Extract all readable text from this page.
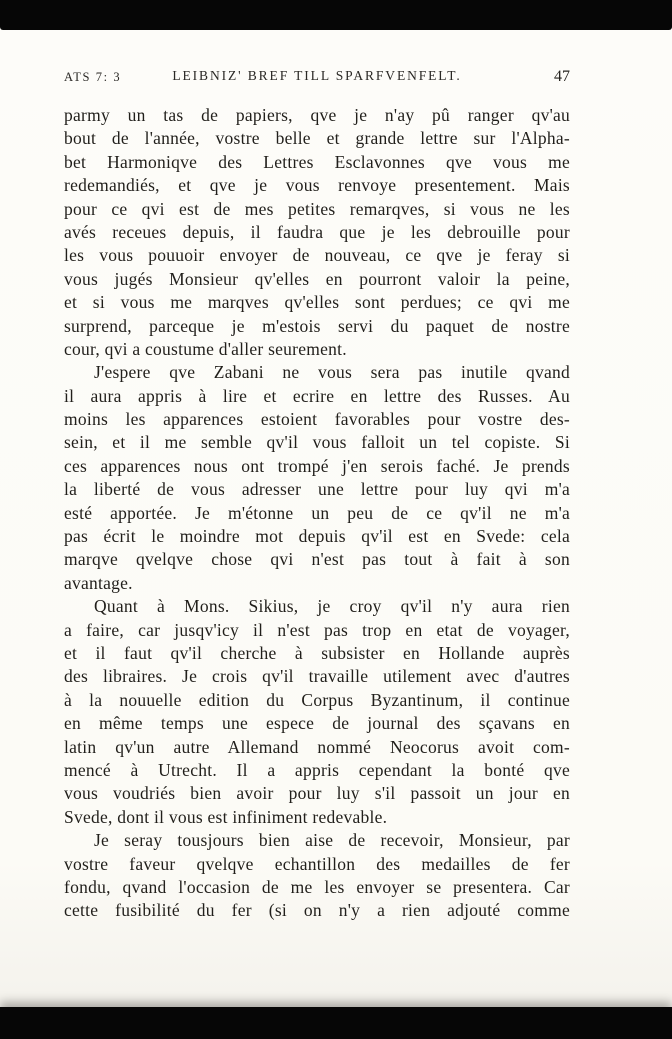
ATS 7: 3	LEIBNIZ' BREF TILL SPARFVENFELT.	47
parmy un tas de papiers, qve je n'ay pû ranger qv'au
bout de l'année, vostre belle et grande lettre sur l'Alpha-
bet Harmoniqve des Lettres Esclavonnes qve vous me
redemandiés, et qve je vous renvoye presentement. Mais
pour ce qvi est de mes petites remarqves, si vous ne les
avés receues depuis, il faudra que je les debrouille pour
les vous pouuoir envoyer de nouveau, ce qve je feray si
vous jugés Monsieur qv'elles en pourront valoir la peine,
et si vous me marqves qv'elles sont perdues; ce qvi me
surprend, parceque je m'estois servi du paquet de nostre
cour, qvi a coustume d'aller seurement.
J'espere qve Zabani ne vous sera pas inutile qvand
il aura appris à lire et ecrire en lettre des Russes. Au
moins les apparences estoient favorables pour vostre des-
sein, et il me semble qv'il vous falloit un tel copiste. Si
ces apparences nous ont trompé j'en serois faché. Je prends
la liberté de vous adresser une lettre pour luy qvi m'a
esté apportée. Je m'étonne un peu de ce qv'il ne m'a
pas écrit le moindre mot depuis qv'il est en Svede: cela
marqve qvelqve chose qvi n'est pas tout à fait à son
avantage.
Quant à Mons. Sikius, je croy qv'il n'y aura rien
a faire, car jusqv'icy il n'est pas trop en etat de voyager,
et il faut qv'il cherche à subsister en Hollande auprès
des libraires. Je crois qv'il travaille utilement avec d'autres
à la nouuelle edition du Corpus Byzantinum, il continue
en même temps une espece de journal des sçavans en
latin qv'un autre Allemand nommé Neocorus avoit com-
mencé à Utrecht. Il a appris cependant la bonté qve
vous voudriés bien avoir pour luy s'il passoit un jour en
Svede, dont il vous est infiniment redevable.
Je seray tousjours bien aise de recevoir, Monsieur, par
vostre faveur qvelqve echantillon des medailles de fer
fondu, qvand l'occasion de me les envoyer se presentera. Car
cette fusibilité du fer (si on n'y a rien adjouté comme
